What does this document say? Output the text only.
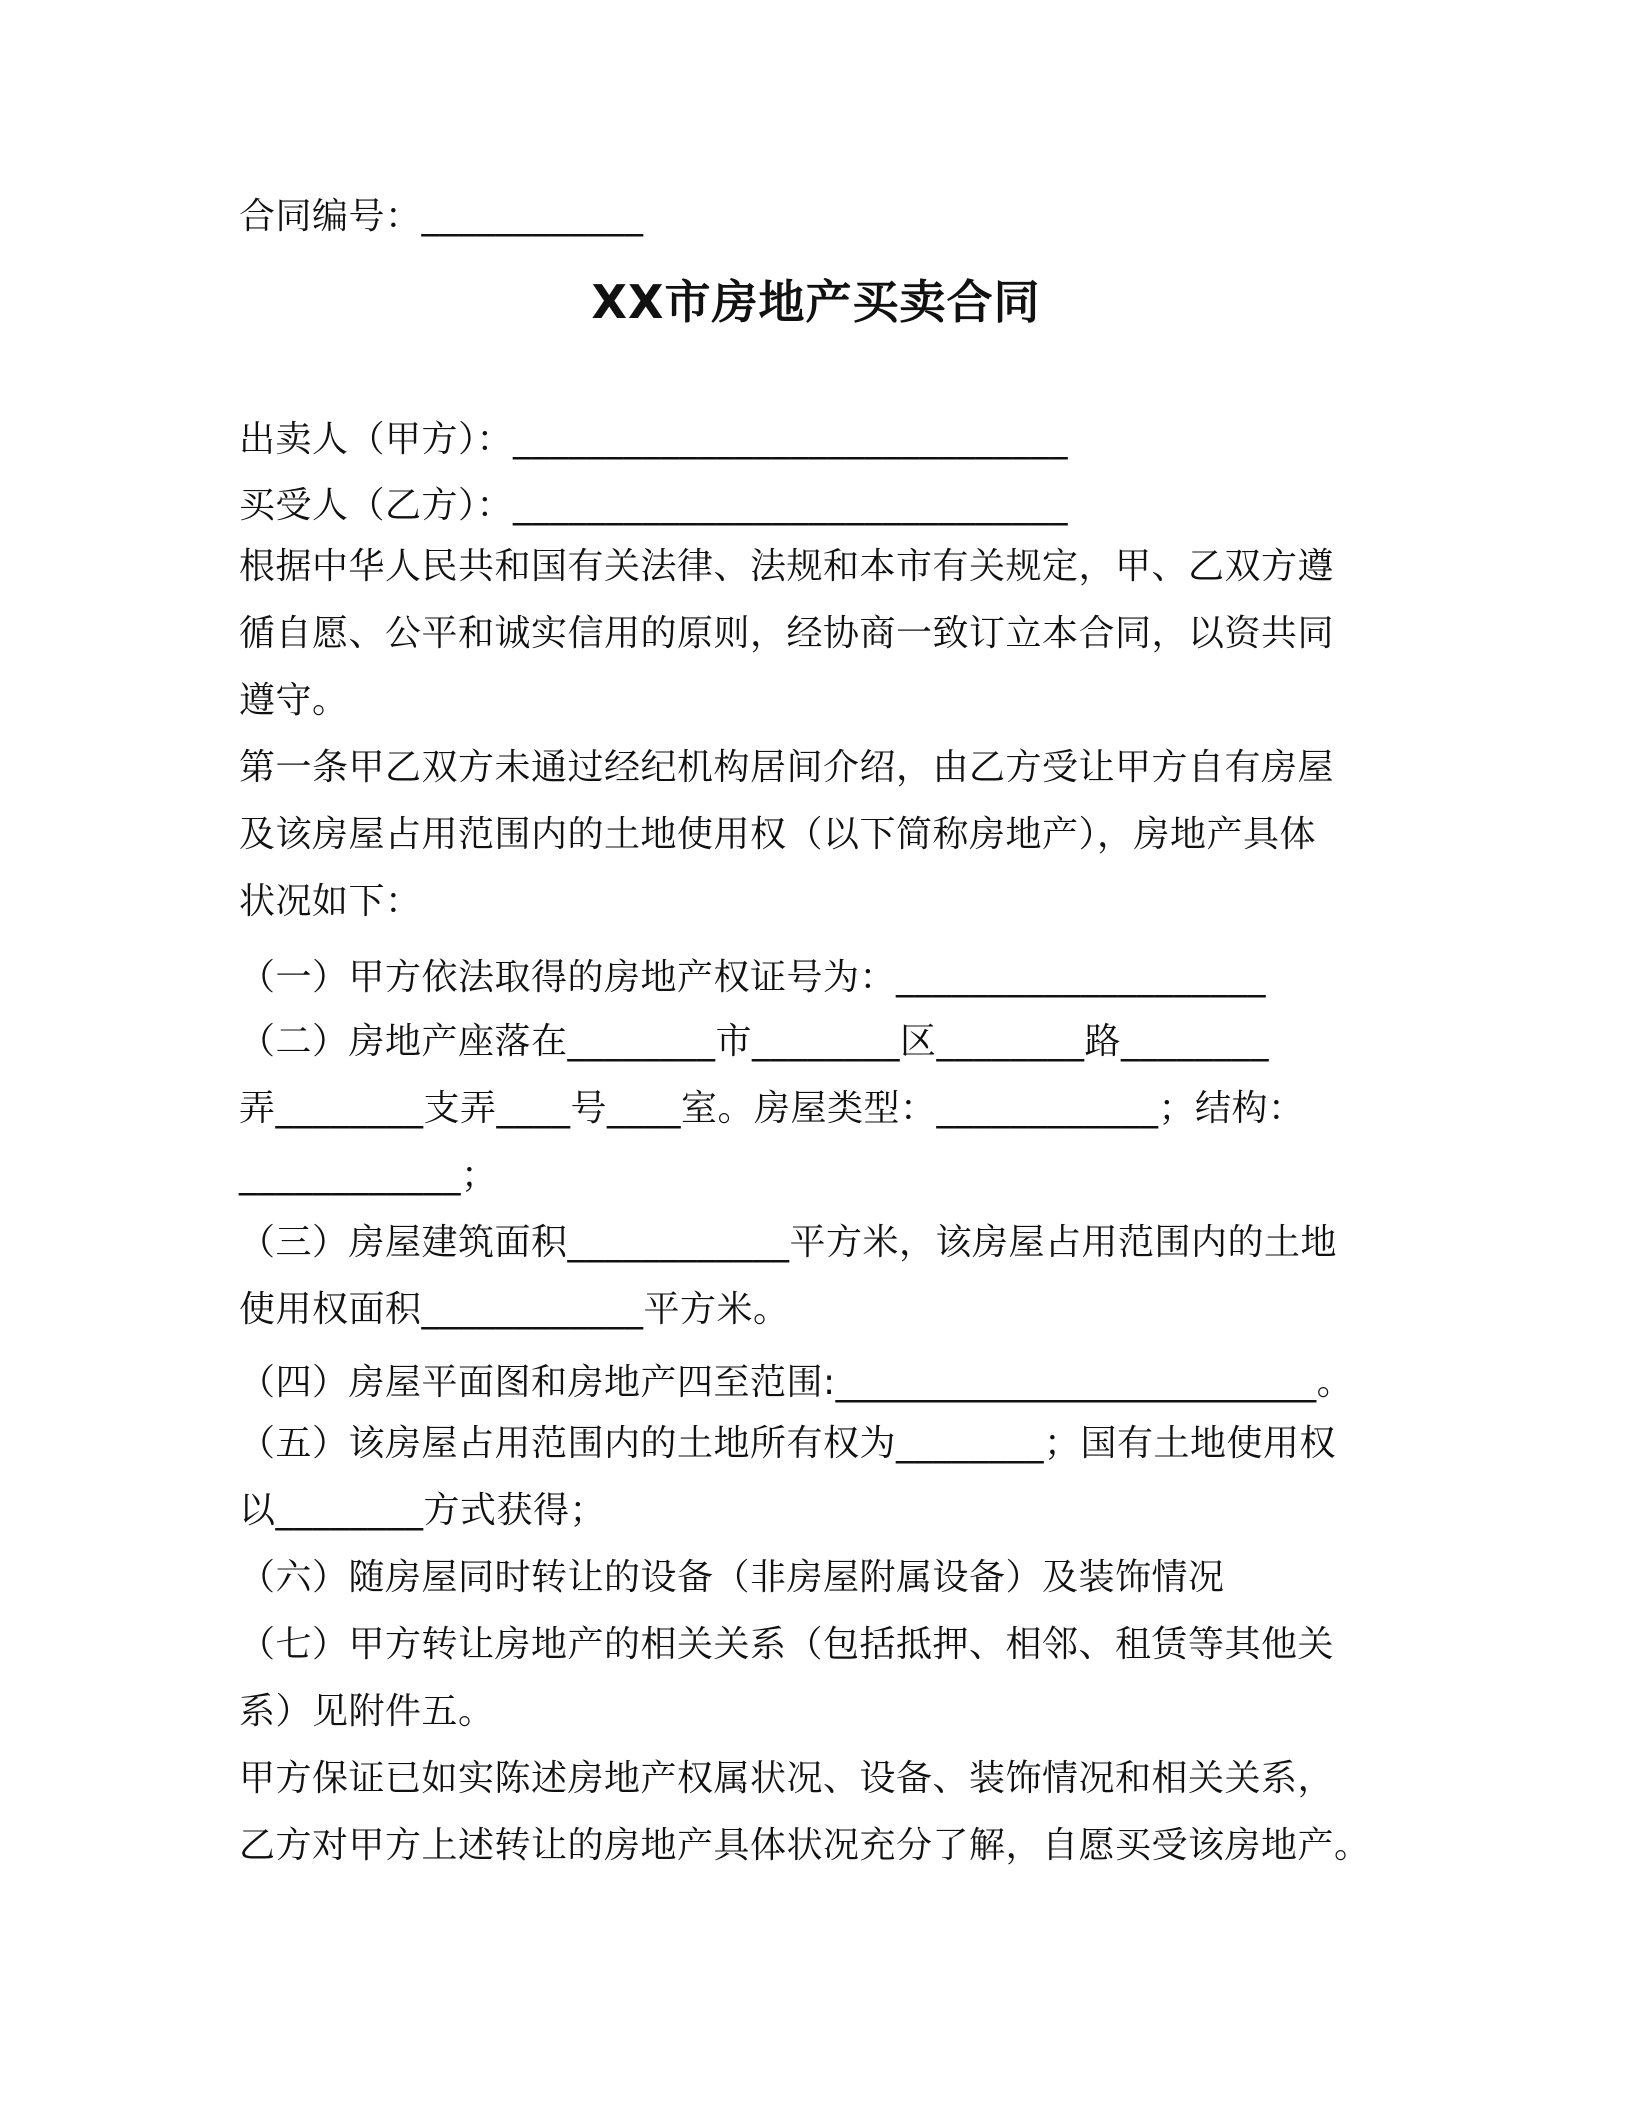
合同编号：____________
XX市房地产买卖合同
出卖人（甲方）：______________________________
买受人（乙方）：______________________________
根据中华人民共和国有关法律、法规和本市有关规定，甲、乙双方遵
循自愿、公平和诚实信用的原则，经协商一致订立本合同，以资共同
遵守。
第一条甲乙双方未通过经纪机构居间介绍，由乙方受让甲方自有房屋
及该房屋占用范围内的土地使用权（以下简称房地产），房地产具体
状况如下：
（一）甲方依法取得的房地产权证号为：____________________
（二）房地产座落在________市________区________路________
弄________支弄____号____室。房屋类型：____________；结构：
____________；
（三）房屋建筑面积____________平方米，该房屋占用范围内的土地
使用权面积____________平方米。
（四）房屋平面图和房地产四至范围:__________________________。
（五）该房屋占用范围内的土地所有权为________；国有土地使用权
以________方式获得；
（六）随房屋同时转让的设备（非房屋附属设备）及装饰情况
（七）甲方转让房地产的相关关系（包括抵押、相邻、租赁等其他关
系）见附件五。
甲方保证已如实陈述房地产权属状况、设备、装饰情况和相关关系，
乙方对甲方上述转让的房地产具体状况充分了解，自愿买受该房地产。
